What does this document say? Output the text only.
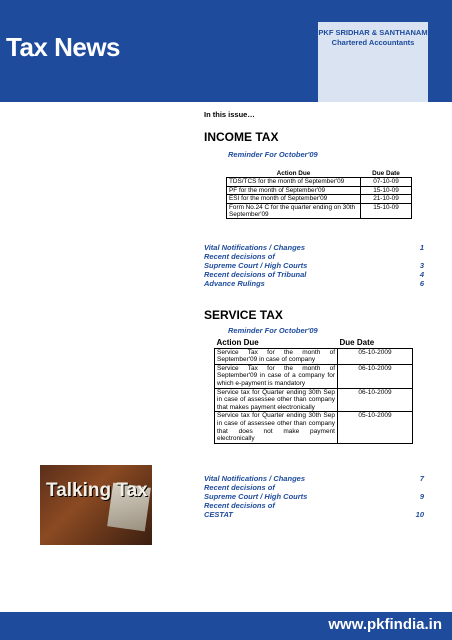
Tax News	PKF SRIDHAR & SANTHANAM
Chartered Accountants
Talking Tax
In this issue…
INCOME TAX
Reminder For October'09
Action Due	Due Date
TDS/TCS for the month of September'09	07-10-09
PF for the month of September'09	15-10-09
ESI for the month of September'09	21-10-09
Form No.24 C for the quarter ending on 30th September'09	15-10-09
Vital Notifications / Changes	1
Recent decisions of
Supreme Court / High Courts	3
Recent decisions of Tribunal	4
Advance Rulings	6
SERVICE TAX
Reminder For October'09
Action Due	Due Date
Service Tax for the month of September'09 in case of company	05-10-2009
Service Tax for the month of September'09 in case of a company for which e-payment is mandatory	06-10-2009
Service tax for Quarter ending 30th Sep in case of assessee other than company that makes payment electronically	06-10-2009
Service tax for Quarter ending 30th Sep in case of assessee other than company that does not make payment electronically	05-10-2009
Vital Notifications / Changes	7
Recent decisions of
Supreme Court / High Courts	9
Recent decisions of
CESTAT	10
www.pkfindia.in
